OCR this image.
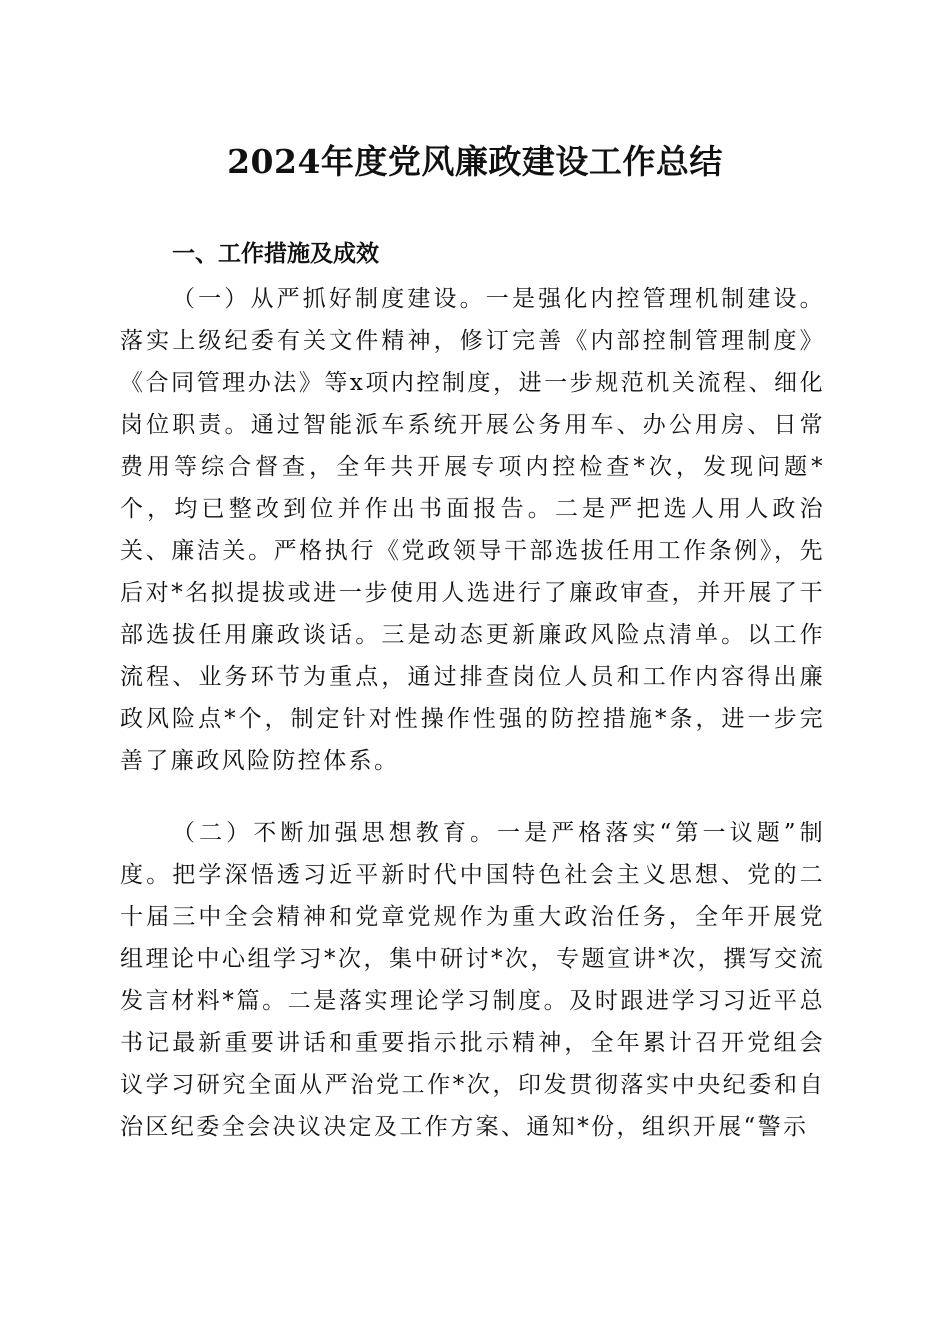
2024年度党风廉政建设工作总结
一、工作措施及成效

（一）从严抓好制度建设。一是强化内控管理机制建设。落实上级纪委有关文件精神，修订完善《内部控制管理制度》《合同管理办法》等x项内控制度，进一步规范机关流程、细化岗位职责。通过智能派车系统开展公务用车、办公用房、日常费用等综合督查，全年共开展专项内控检查*次，发现问题*个，均已整改到位并作出书面报告。二是严把选人用人政治关、廉洁关。严格执行《党政领导干部选拔任用工作条例》，先后对*名拟提拔或进一步使用人选进行了廉政审查，并开展了干部选拔任用廉政谈话。三是动态更新廉政风险点清单。以工作流程、业务环节为重点，通过排查岗位人员和工作内容得出廉政风险点*个，制定针对性操作性强的防控措施*条，进一步完善了廉政风险防控体系。

（二）不断加强思想教育。一是严格落实“第一议题”制度。把学深悟透习近平新时代中国特色社会主义思想、党的二十届三中全会精神和党章党规作为重大政治任务，全年开展党组理论中心组学习*次，集中研讨*次，专题宣讲*次，撰写交流发言材料*篇。二是落实理论学习制度。及时跟进学习习近平总书记最新重要讲话和重要指示批示精神，全年累计召开党组会议学习研究全面从严治党工作*次，印发贯彻落实中央纪委和自治区纪委全会决议决定及工作方案、通知*份，组织开展“警示
